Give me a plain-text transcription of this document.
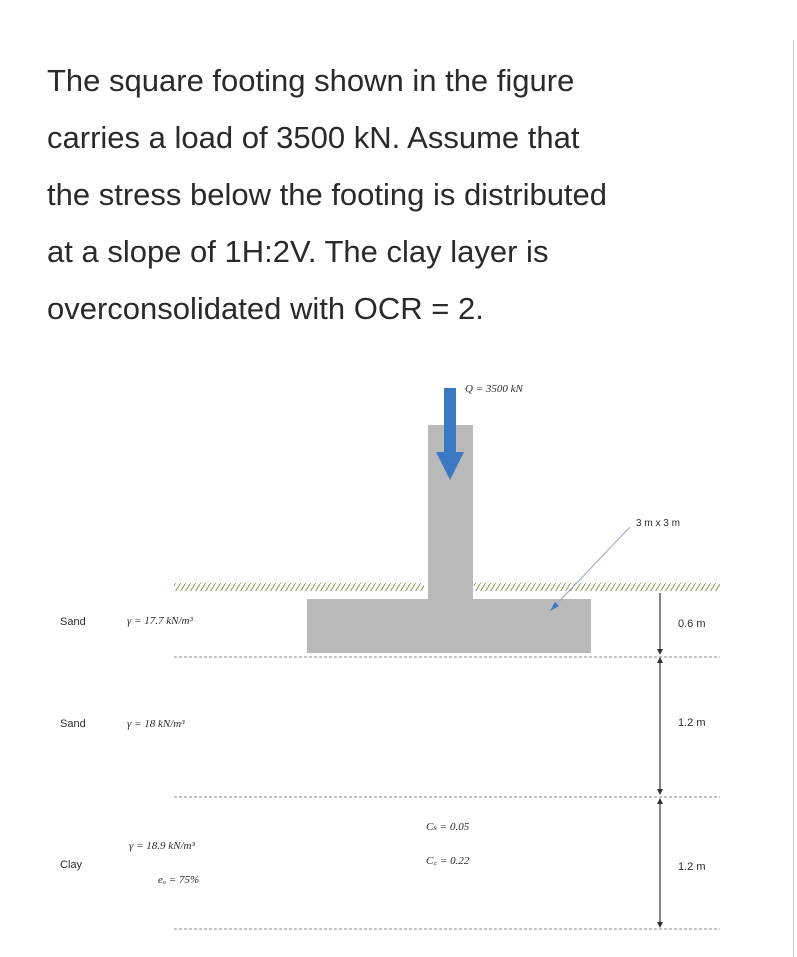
The square footing shown in the figure
carries a load of 3500 kN. Assume that
the stress below the footing is distributed
at a slope of 1H:2V. The clay layer is
overconsolidated with OCR = 2.
Q = 3500 kN
3 m x 3 m
0.6 m
1.2 m
1.2 m
Sand
Sand
Clay
γ = 17.7 kN/m³
γ = 18 kN/m³
γ = 18.9 kN/m³
eₒ = 75%
Cₛ = 0.05
C꜀ = 0.22
